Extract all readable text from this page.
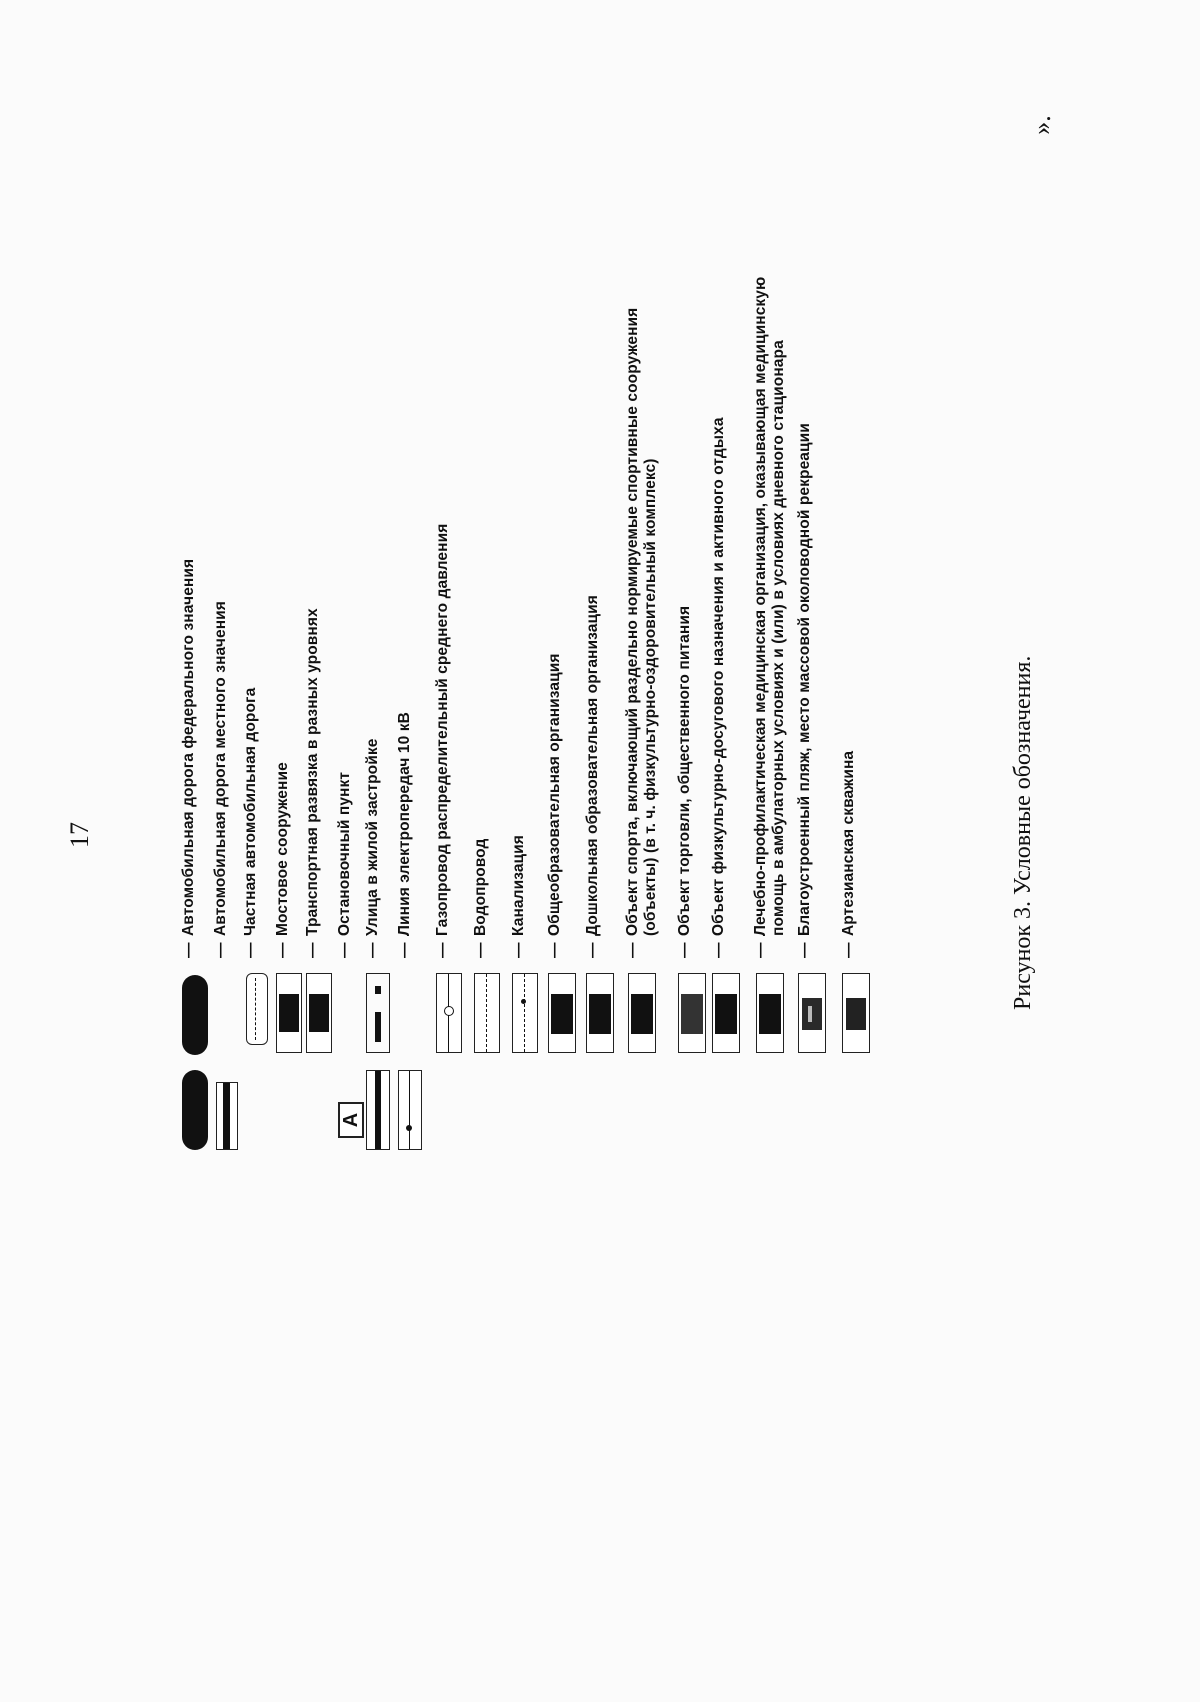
17
».
—Автомобильная дорога федерального значения
—Автомобильная дорога местного значения
—Частная автомобильная дорога
—Мостовое сооружение
—Транспортная развязка в разных уровнях
A
—Остановочный пункт
—Улица в жилой застройке
—Линия электропередач 10 кВ
—Газопровод распределительный среднего давления
—Водопровод
—Канализация
—Общеобразовательная организация
—Дошкольная образовательная организация
—Объект спорта, включающий раздельно нормируемые спортивные сооружения (объекты) (в т. ч. физкультурно-оздоровительный комплекс)
—Объект торговли, общественного питания
—Объект физкультурно-досугового назначения и активного отдыха
—Лечебно-профилактическая медицинская организация, оказывающая медицинскую помощь в амбулаторных условиях и (или) в условиях дневного стационара
—Благоустроенный пляж, место массовой околоводной рекреации
—Артезианская скважина	Рисунок 3. Условные обозначения.
